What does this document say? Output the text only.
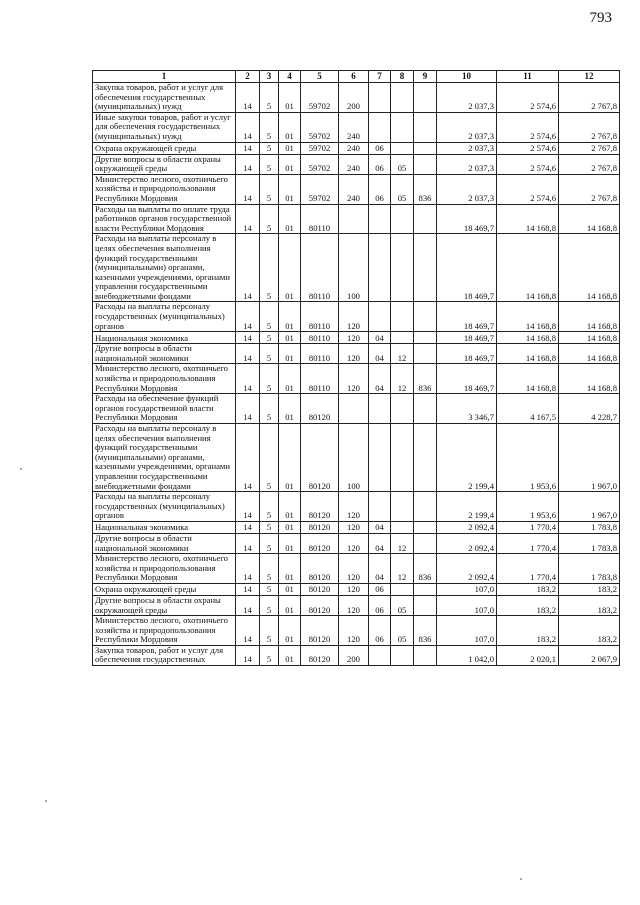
793
1	2	3	4	5	6	7	8	9	10	11	12
Закупка товаров, работ и услуг для обеспечения государственных (муниципальных) нужд	14	5	01	59702	200				2 037,3	2 574,6	2 767,8
Иные закупки товаров, работ и услуг для обеспечения государственных (муниципальных) нужд	14	5	01	59702	240				2 037,3	2 574,6	2 767,8
Охрана окружающей среды	14	5	01	59702	240	06			2 037,3	2 574,6	2 767,8
Другие вопросы в области охраны окружающей среды	14	5	01	59702	240	06	05		2 037,3	2 574,6	2 767,8
Министерство лесного, охотничьего хозяйства и природопользования Республики Мордовия	14	5	01	59702	240	06	05	836	2 037,3	2 574,6	2 767,8
Расходы на выплаты по оплате труда работников органов государственной власти Республики Мордовия	14	5	01	80110					18 469,7	14 168,8	14 168,8
Расходы на выплаты персоналу в целях обеспечения выполнения функций государственными (муниципальными) органами, казенными учреждениями, органами управления государственными внебюджетными фондами	14	5	01	80110	100				18 469,7	14 168,8	14 168,8
Расходы на выплаты персоналу государственных (муниципальных) органов	14	5	01	80110	120				18 469,7	14 168,8	14 168,8
Национальная экономика	14	5	01	80110	120	04			18 469,7	14 168,8	14 168,8
Другие вопросы в области национальной экономики	14	5	01	80110	120	04	12		18 469,7	14 168,8	14 168,8
Министерство лесного, охотничьего хозяйства и природопользования Республики Мордовия	14	5	01	80110	120	04	12	836	18 469,7	14 168,8	14 168,8
Расходы на обеспечение функций органов государственной власти Республики Мордовия	14	5	01	80120					3 346,7	4 167,5	4 228,7
Расходы на выплаты персоналу в целях обеспечения выполнения функций государственными (муниципальными) органами, казенными учреждениями, органами управления государственными внебюджетными фондами	14	5	01	80120	100				2 199,4	1 953,6	1 967,0
Расходы на выплаты персоналу государственных (муниципальных) органов	14	5	01	80120	120				2 199,4	1 953,6	1 967,0
Национальная экономика	14	5	01	80120	120	04			2 092,4	1 770,4	1 783,8
Другие вопросы в области национальной экономики	14	5	01	80120	120	04	12		2 092,4	1 770,4	1 783,8
Министерство лесного, охотничьего хозяйства и природопользования Республики Мордовия	14	5	01	80120	120	04	12	836	2 092,4	1 770,4	1 783,8
Охрана окружающей среды	14	5	01	80120	120	06			107,0	183,2	183,2
Другие вопросы в области охраны окружающей среды	14	5	01	80120	120	06	05		107,0	183,2	183,2
Министерство лесного, охотничьего хозяйства и природопользования Республики Мордовия	14	5	01	80120	120	06	05	836	107,0	183,2	183,2
Закупка товаров, работ и услуг для обеспечения государственных	14	5	01	80120	200				1 042,0	2 020,1	2 067,9
